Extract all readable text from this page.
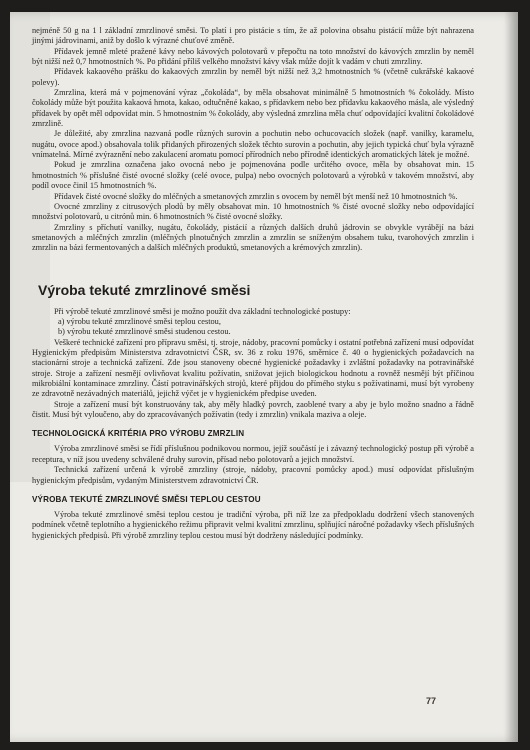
nejméně 50 g na 1 l základní zmrzlinové směsi. To platí i pro pistácie s tím, že až polovina obsahu pistácií může být nahrazena jinými jádrovinami, aniž by došlo k výrazné chuťové změně.

Přídavek jemně mleté pražené kávy nebo kávových polotovarů v přepočtu na toto množství do kávových zmrzlin by neměl být nižší než 0,7 hmotnostních %. Po přidání příliš velkého množství kávy však může dojít k vadám v chuti zmrzliny.

Přídavek kakaového prášku do kakaových zmrzlin by neměl být nižší než 3,2 hmotnostních % (včetně cukrářské kakaové polevy).

Zmrzlina, která má v pojmenování výraz „čokoláda“, by měla obsahovat minimálně 5 hmotnostních % čokolády. Místo čokolády může být použita kakaová hmota, kakao, odtučněné kakao, s přídavkem nebo bez přídavku kakaového másla, ale výsledný přídavek by opět měl odpovídat min. 5 hmotnostním % čokolády, aby výsledná zmrzlina měla chuť odpovídající kvalitní čokoládové zmrzlině.

Je důležité, aby zmrzlina nazvaná podle různých surovin a pochutin nebo ochucovacích složek (např. vanilky, karamelu, nugátu, ovoce apod.) obsahovala tolik přidaných přirozených složek těchto surovin a pochutin, aby jejich typická chuť byla výrazně vnímatelná. Mírné zvýraznění nebo zakulacení aromatu pomocí přírodních nebo přírodně identických aromatických látek je možné.

Pokud je zmrzlina označena jako ovocná nebo je pojmenována podle určitého ovoce, měla by obsahovat min. 15 hmotnostních % příslušné čisté ovocné složky (celé ovoce, pulpa) nebo ovocných polotovarů a výrobků v takovém množství, aby podíl ovoce činil 15 hmotnostních %.

Přídavek čisté ovocné složky do mléčných a smetanových zmrzlin s ovocem by neměl být menší než 10 hmotnostních %.

Ovocné zmrzliny z citrusových plodů by měly obsahovat min. 10 hmotnostních % čisté ovocné složky nebo odpovídající množství polotovarů, u citrónů min. 6 hmotnostních % čisté ovocné složky.

Zmrzliny s příchutí vanilky, nugátu, čokolády, pistácií a různých dalších druhů jádrovin se obvykle vyrábějí na bázi smetanových a mléčných zmrzlin (mléčných plnotučných zmrzlin a zmrzlin se sníženým obsahem tuku, tvarohových zmrzlin i zmrzlin na bázi fermentovaných a dalších mléčných produktů, smetanových a krémových zmrzlin).

Výroba tekuté zmrzlinové směsi

Při výrobě tekuté zmrzlinové směsi je možno použít dva základní technologické postupy:

a) výrobu tekuté zmrzlinové směsi teplou cestou,
b) výrobu tekuté zmrzlinové směsi studenou cestou.

Veškeré technické zařízení pro přípravu směsi, tj. stroje, nádoby, pracovní pomůcky i ostatní potřebná zařízení musí odpovídat Hygienickým předpisům Ministerstva zdravotnictví ČSR, sv. 36 z roku 1976, směrnice č. 40 o hygienických požadavcích na stacionární stroje a technická zařízení. Zde jsou stanoveny obecné hygienické požadavky i zvláštní požadavky na potravinářské stroje. Stroje a zařízení nesmějí ovlivňovat kvalitu požívatin, snižovat jejich biologickou hodnotu a rovněž nesmějí být příčinou mikrobiální kontaminace zmrzliny. Částí potravinářských strojů, které přijdou do přímého styku s požívatinami, musí být vyrobeny ze zdravotně nezávadných materiálů, jejichž výčet je v hygienickém předpise uveden.

Stroje a zařízení musí být konstruovány tak, aby měly hladký povrch, zaoblené tvary a aby je bylo možno snadno a řádně čistit. Musí být vyloučeno, aby do zpracovávaných požívatin (tedy i zmrzlin) vnikala maziva a oleje.

TECHNOLOGICKÁ KRITÉRIA PRO VÝROBU ZMRZLIN

Výroba zmrzlinové směsi se řídí příslušnou podnikovou normou, jejíž součástí je i závazný technologický postup při výrobě a receptura, v níž jsou uvedeny schválené druhy surovin, přísad nebo polotovarů a jejich množství.

Technická zařízení určená k výrobě zmrzliny (stroje, nádoby, pracovní pomůcky apod.) musí odpovídat příslušným hygienickým předpisům, vydaným Ministerstvem zdravotnictví ČR.

VÝROBA TEKUTÉ ZMRZLINOVÉ SMĚSI TEPLOU CESTOU

Výroba tekuté zmrzlinové směsi teplou cestou je tradiční výroba, při níž lze za předpokladu dodržení všech stanovených podmínek včetně teplotního a hygienického režimu připravit velmi kvalitní zmrzlinu, splňující náročné požadavky všech příslušných hygienických předpisů. Při výrobě zmrzliny teplou cestou musí být dodrženy následující podmínky.

77
